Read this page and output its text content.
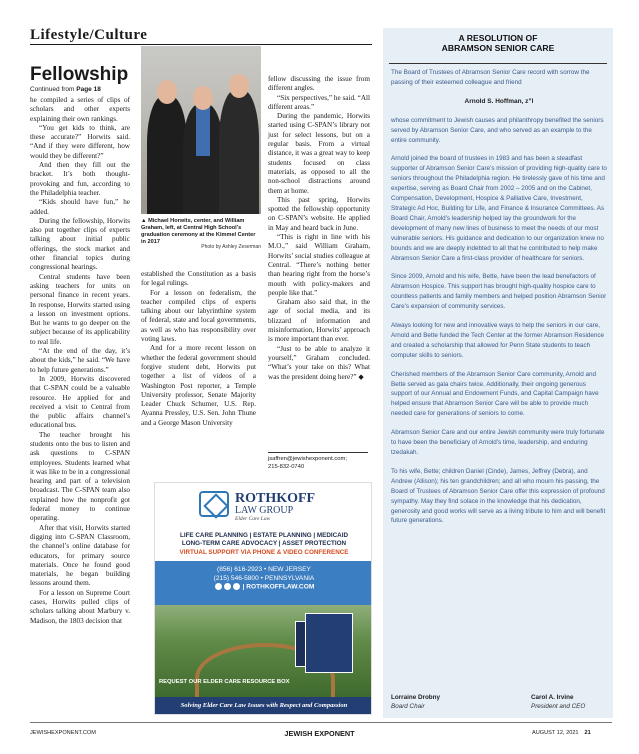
Lifestyle/Culture
Fellowship
Continued from Page 18

he compiled a series of clips of scholars and other experts explaining their own rankings.

“You get kids to think, are these accurate?” Horwits said. “And if they were different, how would they be different?”

And then they fill out the bracket. It’s both thought-provoking and fun, according to the Philadelphia teacher.

“Kids should have fun,” he added.

During the fellowship, Horwits also put together clips of experts talking about initial public offerings, the stock market and other financial topics during congressional hearings.

Central students have been asking teachers for units on personal finance in recent years. In response, Horwits started using a lesson on investment options. But he wants to go deeper on the subject because of its applicability to real life.

“At the end of the day, it’s about the kids,” he said. “We have to help future generations.”

In 2009, Horwits discovered that C-SPAN could be a valuable resource. He applied for and received a visit to Central from the public affairs channel’s educational bus.

The teacher brought his students onto the bus to listen and ask questions to C-SPAN employees. Students learned what it was like to be in a congressional hearing and part of a television broadcast. The C-SPAN team also explained how the nonprofit got federal money to continue operating.

After that visit, Horwits started digging into C-SPAN Classroom, the channel’s online database for educators, for primary source materials. Once he found good materials, he began building lessons around them.

For a lesson on Supreme Court cases, Horwits pulled clips of scholars talking about Marbury v. Madison, the 1803 decision that

▲ Michael Horwits, center, and William Graham, left, at Central High School’s graduation ceremony at the Kimmel Center in 2017
Photo by Ashley Zeserman

established the Constitution as a basis for legal rulings.

For a lesson on federalism, the teacher compiled clips of experts talking about our labyrinthine system of federal, state and local governments, as well as who has responsibility over voting laws.

And for a more recent lesson on whether the federal government should forgive student debt, Horwits put together a list of videos of a Washington Post reporter, a Temple University professor, Senate Majority Leader Chuck Schumer, U.S. Rep. Ayanna Pressley, U.S. Sen. John Thune and a George Mason University

fellow discussing the issue from different angles.

“Six perspectives,” he said. “All different areas.”

During the pandemic, Horwits started using C-SPAN’s library not just for select lessons, but on a regular basis. From a virtual distance, it was a great way to keep students focused on class materials, as opposed to all the non-school distractions around them at home.

This past spring, Horwits spotted the fellowship opportunity on C-SPAN’s website. He applied in May and heard back in June.

“This is right in line with his M.O.,” said William Graham, Horwits’ social studies colleague at Central. “There’s nothing better than hearing right from the horse’s mouth with policy-makers and people like that.”

Graham also said that, in the age of social media, and its blizzard of information and misinformation, Horwits’ approach is more important than ever.

“Just to be able to analyze it yourself,” Graham concluded. “What’s your take on this? What was the president doing here?” ◆

jsaffren@jewishexponent.com;
215-832-0740
ROTHKOFF
LAW GROUP
Elder Care Law
LIFE CARE PLANNING | ESTATE PLANNING | MEDICAID
LONG-TERM CARE ADVOCACY | ASSET PROTECTION
VIRTUAL SUPPORT VIA PHONE & VIDEO CONFERENCE
(856) 616-2923 • NEW JERSEY
(215) 546-5800 • PENNSYLVANIA
| ROTHKOFFLAW.COM
REQUEST OUR ELDER CARE RESOURCE BOX
Solving Elder Care Law Issues with Respect and Compassion
A RESOLUTION OF
ABRAMSON SENIOR CARE

The Board of Trustees of Abramson Senior Care record with sorrow the passing of their esteemed colleague and friend

Arnold S. Hoffman, z”l

whose commitment to Jewish causes and philanthropy benefited the seniors served by Abramson Senior Care, and who served as an example to the entire community.

Arnold joined the board of trustees in 1983 and has been a steadfast supporter of Abramson Senior Care’s mission of providing high-quality care to seniors throughout the Philadelphia region. He tirelessly gave of his time and expertise, serving as Board Chair from 2002 – 2005 and on the Cabinet, Compensation, Development, Hospice & Palliative Care, Investment, Strategic Ad Hoc, Building for Life, and Finance & Insurance Committees. As Board Chair, Arnold’s leadership helped lay the groundwork for the development of many new lines of business to meet the needs of our most vulnerable seniors. His guidance and dedication to our organization knew no bounds and we are deeply indebted to all that he contributed to help make Abramson Senior Care a first-class provider of healthcare for seniors.

Since 2009, Arnold and his wife, Bette, have been the lead benefactors of Abramson Hospice. This support has brought high-quality hospice care to countless patients and family members and helped position Abramson Senior Care’s expansion of community services.

Always looking for new and innovative ways to help the seniors in our care, Arnold and Bette funded the Tech Center at the former Abramson Residence and created a scholarship that allowed for Penn State students to teach computer skills to seniors.

Cherished members of the Abramson Senior Care community, Arnold and Bette served as gala chairs twice. Additionally, their ongoing generous support of our Annual and Endowment Funds, and Capital Campaign have helped ensure that Abramson Senior Care will be able to provide much needed care for generations of seniors to come.

Abramson Senior Care and our entire Jewish community were truly fortunate to have been the beneficiary of Arnold’s time, leadership, and enduring tzedakah.

To his wife, Bette; children Daniel (Cinde), James, Jeffrey (Debra), and Andrew (Allison); his ten grandchildren; and all who mourn his passing, the Board of Trustees of Abramson Senior Care offer this expression of profound sympathy. May they find solace in the knowledge that his dedication, generosity and good works will serve as a living tribute to him and will benefit future generations.

Lorraine Drobny
Board Chair
Carol A. Irvine
President and CEO
JEWISHEXPONENT.COM	JEWISH EXPONENT	AUGUST 12, 2021 21
